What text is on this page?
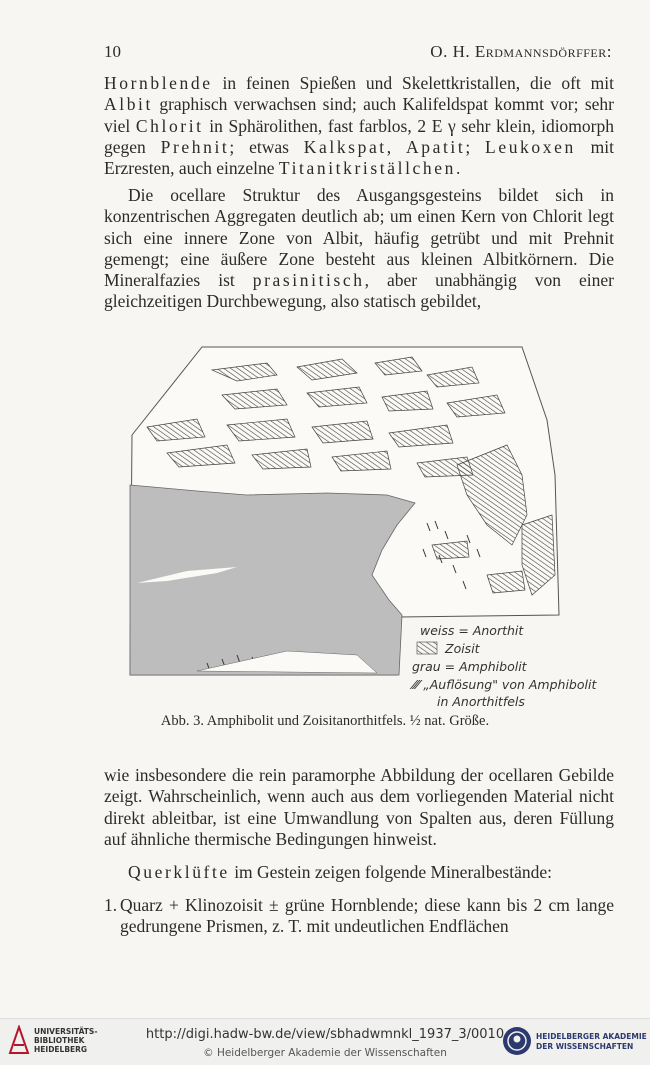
10	O. H. Erdmannsdörffer:

Hornblende in feinen Spießen und Skelettkristallen, die oft mit Albit graphisch verwachsen sind; auch Kalifeldspat kommt vor; sehr viel Chlorit in Sphärolithen, fast farblos, 2 E γ sehr klein, idiomorph gegen Prehnit; etwas Kalkspat, Apatit; Leukoxen mit Erzresten, auch einzelne Titanitkriställchen.

Die ocellare Struktur des Ausgangsgesteins bildet sich in konzentrischen Aggregaten deutlich ab; um einen Kern von Chlorit legt sich eine innere Zone von Albit, häufig getrübt und mit Prehnit gemengt; eine äußere Zone besteht aus kleinen Albitkörnern. Die Mineralfazies ist prasinitisch, aber unabhängig von einer gleichzeitigen Durchbewegung, also statisch gebildet,

weiss = Anorthit
Zoisit
grau = Amphibolit
⁄⁄⁄ „Auflösung" von Amphibolit
in Anorthitfels
Abb. 3. Amphibolit und Zoisitanorthitfels. ½ nat. Größe.
wie insbesondere die rein paramorphe Abbildung der ocellaren Gebilde zeigt. Wahrscheinlich, wenn auch aus dem vorliegenden Material nicht direkt ableitbar, ist eine Umwandlung von Spalten aus, deren Füllung auf ähnliche thermische Bedingungen hinweist.
Querklüfte im Gestein zeigen folgende Mineralbestände:
1. Quarz + Klinozoisit ± grüne Hornblende; diese kann bis 2 cm lange gedrungene Prismen, z. T. mit undeutlichen Endflächen
UNIVERSITÄTS-
BIBLIOTHEK
HEIDELBERG
http://digi.hadw-bw.de/view/sbhadwmnkl_1937_3/0010
© Heidelberger Akademie der Wissenschaften
HEIDELBERGER AKADEMIE
DER WISSENSCHAFTEN
